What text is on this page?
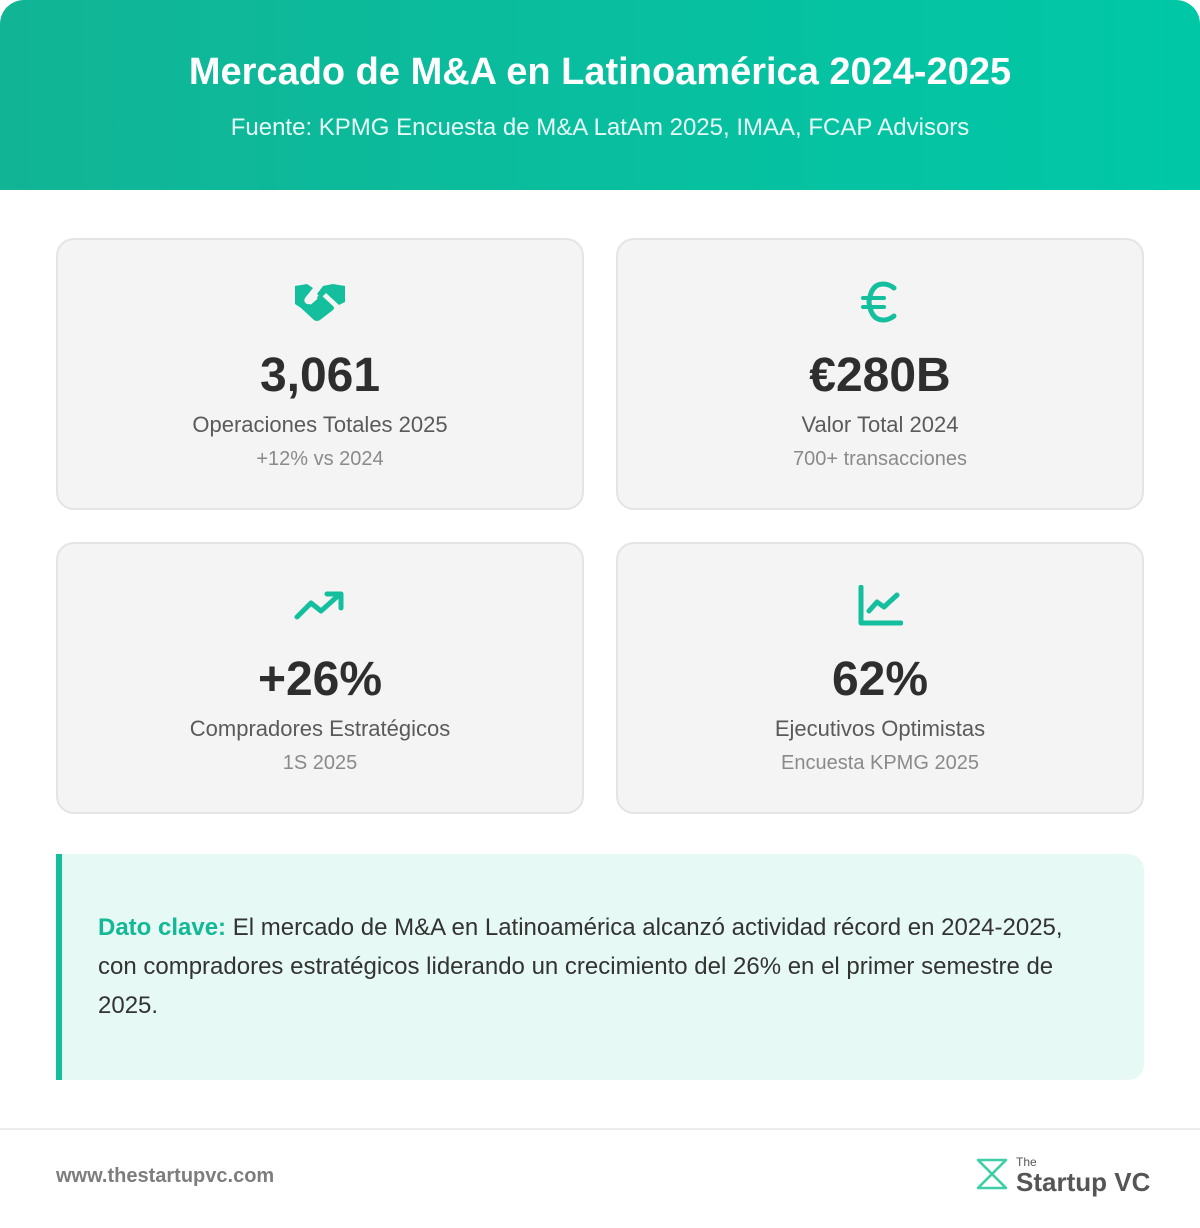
Mercado de M&A en Latinoamérica 2024-2025
Fuente: KPMG Encuesta de M&A LatAm 2025, IMAA, FCAP Advisors
3,061
Operaciones Totales 2025
+12% vs 2024
€280B
Valor Total 2024
700+ transacciones
+26%
Compradores Estratégicos
1S 2025
62%
Ejecutivos Optimistas
Encuesta KPMG 2025

Dato clave: El mercado de M&A en Latinoamérica alcanzó actividad récord en 2024-2025, con compradores estratégicos liderando un crecimiento del 26% en el primer semestre de 2025.

www.thestartupvc.com
The
Startup VC
